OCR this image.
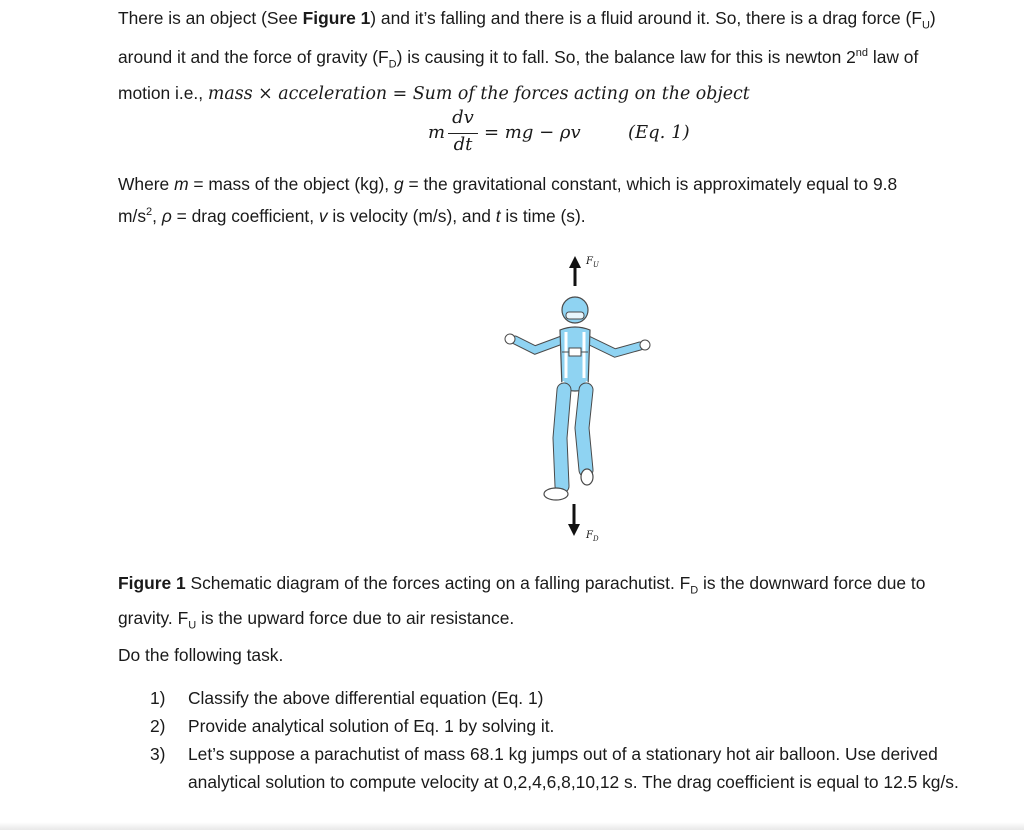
There is an object (See Figure 1) and it’s falling and there is a fluid around it. So, there is a drag force $(F_U)$
around it and the force of gravity $(F_D)$ is causing it to fall. So, the balance law for this is newton 2nd law of
motion i.e., mass × acceleration = Sum of the forces acting on the object
m
dv
dt
= mg − ρv	(Eq. 1)
Where m = mass of the object (kg), g = the gravitational constant, which is approximately equal to 9.8
$m/s^2$, ρ = drag coefficient, v is velocity (m/s), and t is time (s).
$F_U$
$F_D$
Figure 1 Schematic diagram of the forces acting on a falling parachutist. $F_D$ is the downward force due to
gravity. $F_U$ is the upward force due to air resistance.
Do the following task.
1) Classify the above differential equation (Eq. 1)
2) Provide analytical solution of Eq. 1 by solving it.
3) Let’s suppose a parachutist of mass 68.1 kg jumps out of a stationary hot air balloon. Use derived analytical solution to compute velocity at 0,2,4,6,8,10,12 s. The drag coefficient is equal to 12.5 kg/s.
